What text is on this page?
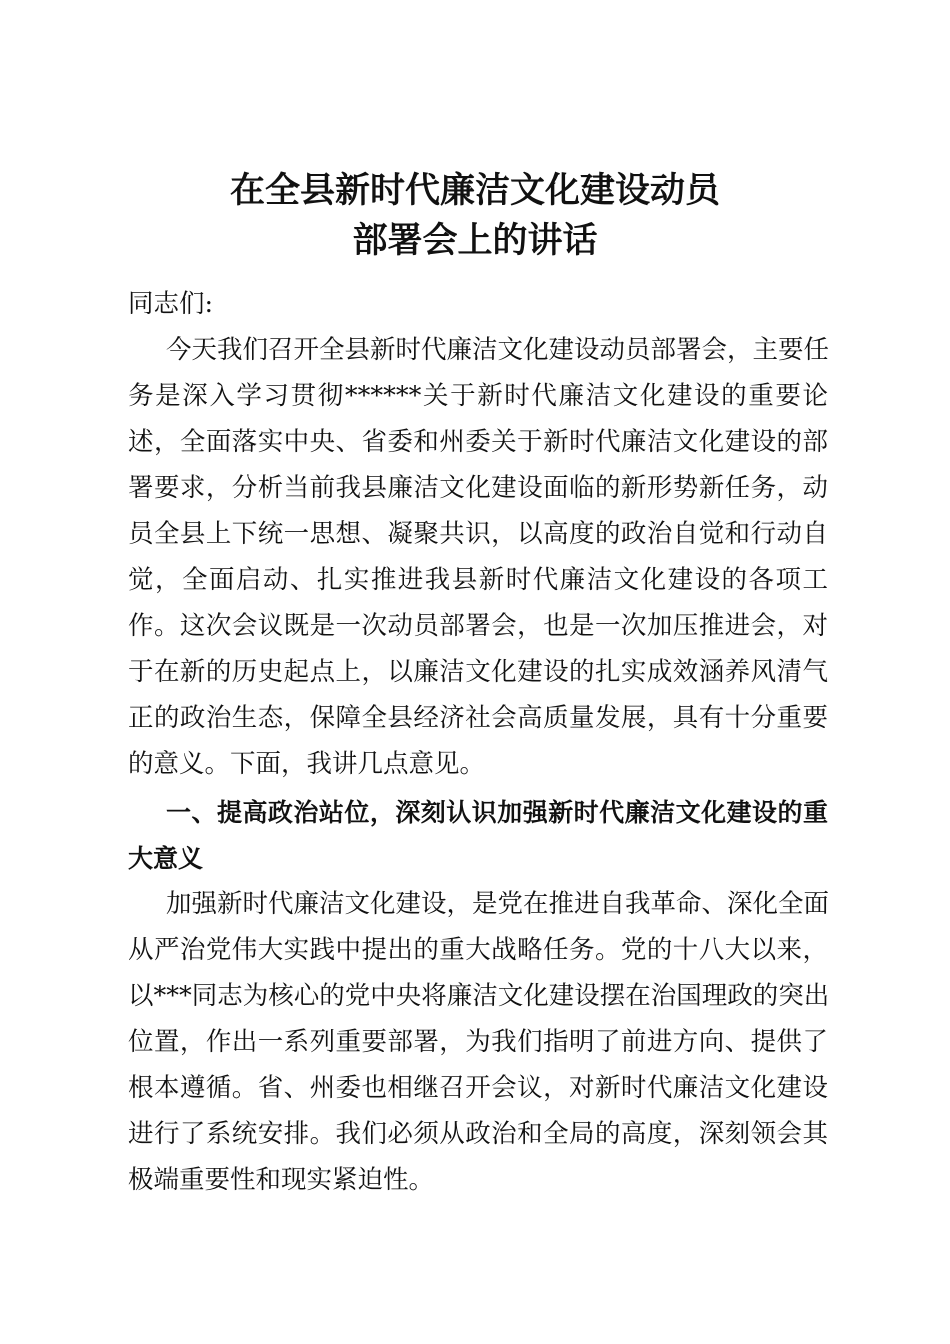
在全县新时代廉洁文化建设动员
部署会上的讲话
同志们:
今天我们召开全县新时代廉洁文化建设动员部署会，主要任
务是深入学习贯彻******关于新时代廉洁文化建设的重要论
述，全面落实中央、省委和州委关于新时代廉洁文化建设的部
署要求，分析当前我县廉洁文化建设面临的新形势新任务，动
员全县上下统一思想、凝聚共识，以高度的政治自觉和行动自
觉，全面启动、扎实推进我县新时代廉洁文化建设的各项工
作。这次会议既是一次动员部署会，也是一次加压推进会，对
于在新的历史起点上，以廉洁文化建设的扎实成效涵养风清气
正的政治生态，保障全县经济社会高质量发展，具有十分重要
的意义。下面，我讲几点意见。
一、提高政治站位，深刻认识加强新时代廉洁文化建设的重
大意义
加强新时代廉洁文化建设，是党在推进自我革命、深化全面
从严治党伟大实践中提出的重大战略任务。党的十八大以来，
以***同志为核心的党中央将廉洁文化建设摆在治国理政的突出
位置，作出一系列重要部署，为我们指明了前进方向、提供了
根本遵循。省、州委也相继召开会议，对新时代廉洁文化建设
进行了系统安排。我们必须从政治和全局的高度，深刻领会其
极端重要性和现实紧迫性。
